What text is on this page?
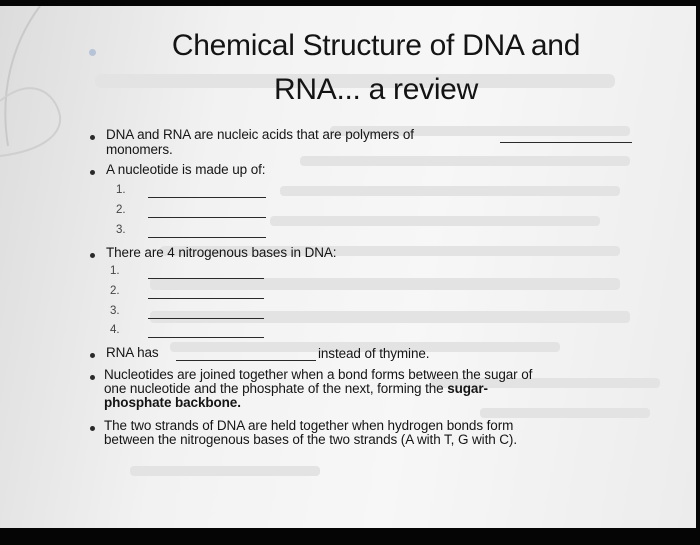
Chemical Structure of DNA and
RNA... a review
DNA and RNA are nucleic acids that are polymers of
monomers.
A nucleotide is made up of:
1.
2.
3.
There are 4 nitrogenous bases in DNA:
1.
2.
3.
4.
RNA has	instead of thymine.
Nucleotides are joined together when a bond forms between the sugar of
one nucleotide and the phosphate of the next, forming the sugar-
phosphate backbone.
The two strands of DNA are held together when hydrogen bonds form
between the nitrogenous bases of the two strands (A with T, G with C).
